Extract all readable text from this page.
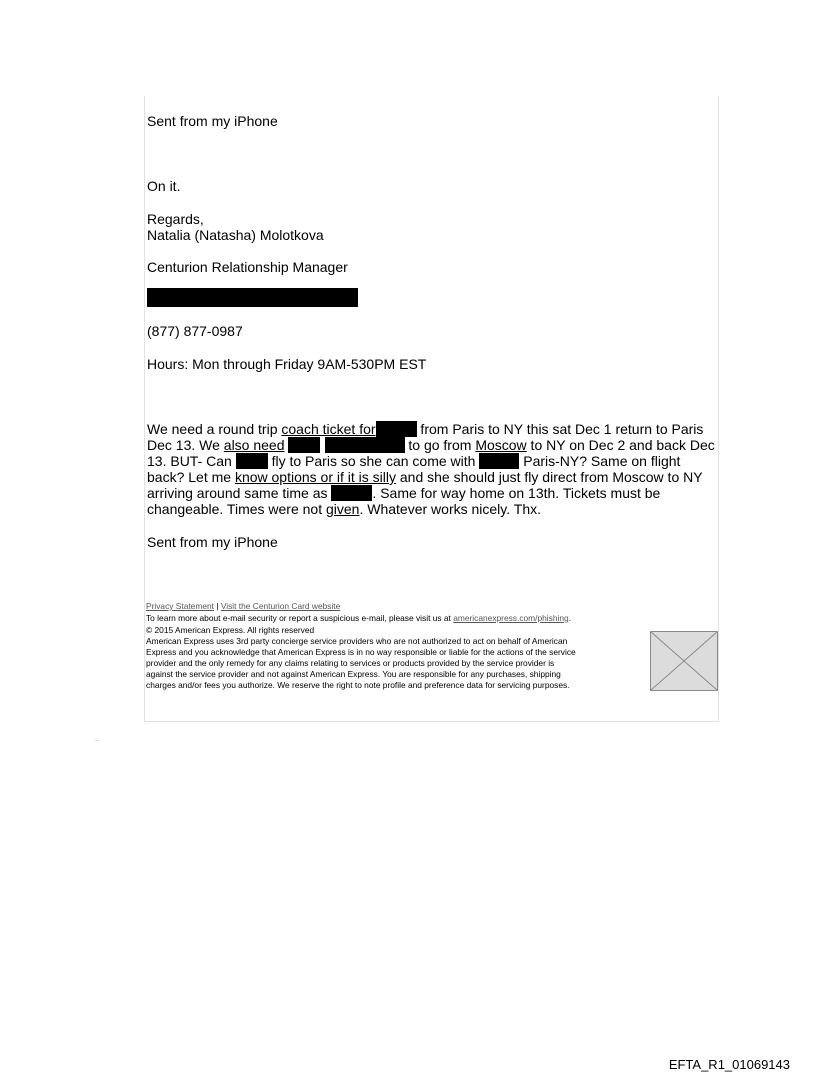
Sent from my iPhone
On it.
Regards,
Natalia (Natasha) Molotkova
Centurion Relationship Manager
(877) 877-0987
Hours: Mon through Friday 9AM-530PM EST
We need a round trip coach ticket for	from Paris to NY this sat Dec 1 return to Paris
Dec 13. We also need	to go from Moscow to NY on Dec 2 and back Dec
13. BUT- Can  fly to Paris so she can come with	Paris-NY? Same on flight
back? Let me know options or if it is silly and she should just fly direct from Moscow to NY
arriving around same time as	. Same for way home on 13th. Tickets must be
changeable. Times were not given. Whatever works nicely. Thx.
Sent from my iPhone
Privacy Statement | Visit the Centurion Card website
To learn more about e-mail security or report a suspicious e-mail, please visit us at americanexpress.com/phishing.
© 2015 American Express. All rights reserved
American Express uses 3rd party concierge service providers who are not authorized to act on behalf of American
Express and you acknowledge that American Express is in no way responsible or liable for the actions of the service
provider and the only remedy for any claims relating to services or products provided by the service provider is
against the service provider and not against American Express. You are responsible for any purchases, shipping
charges and/or fees you authorize. We reserve the right to note profile and preference data for servicing purposes.
·—
EFTA_R1_01069143
